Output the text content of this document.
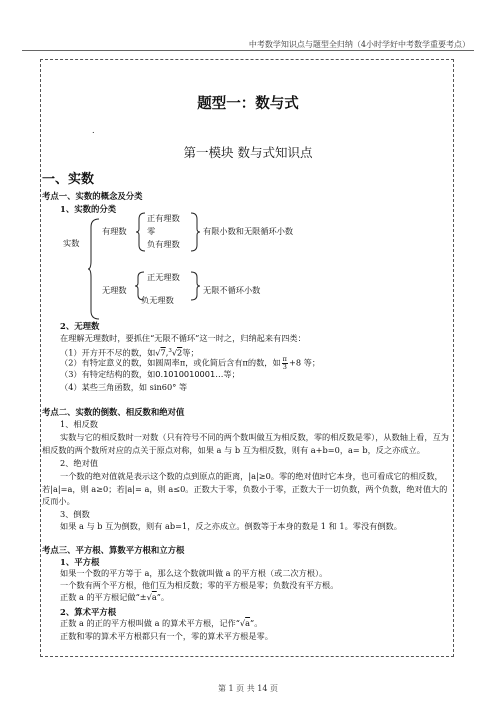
中考数学知识点与题型全归纳（4小时学好中考数学重要考点）
题型一：数与式
.
第一模块 数与式知识点
一、实数
考点一、实数的概念及分类
1、实数的分类
实数
有理数
正有理数
零
负有理数
有限小数和无限循环小数
无理数
正无理数
负无理数
无限不循环小数
2、无理数
在理解无理数时，要抓住“无限不循环”这一时之，归纳起来有四类：
（1）开方开不尽的数，如√7,$^3$√2等；
（2）有特定意义的数，如圆周率π，或化简后含有π的数，如 $\frac{\pi}{3} +8$ 等；
（3）有特定结构的数，如0.1010010001…等；
（4）某些三角函数，如 sin60° 等
考点二、实数的倒数、相反数和绝对值
1、相反数
实数与它的相反数时一对数（只有符号不同的两个数叫做互为相反数，零的相反数是零），从数轴上看，互为相反数的两个数所对应的点关于原点对称，如果 a 与 b 互为相反数，则有 a+b=0，a= b，反之亦成立。
2、绝对值
一个数的绝对值就是表示这个数的点到原点的距离，|a|≥0。零的绝对值时它本身，也可看成它的相反数，若|a|=a，则 a≥0；若|a|= a，则 a≤0。正数大于零，负数小于零，正数大于一切负数，两个负数，绝对值大的反而小。
3、倒数
如果 a 与 b 互为倒数，则有 ab=1，反之亦成立。倒数等于本身的数是 1 和 1。零没有倒数。
考点三、平方根、算数平方根和立方根
1、平方根
如果一个数的平方等于 a，那么这个数就叫做 a 的平方根（或二次方根）。
一个数有两个平方根，他们互为相反数；零的平方根是零；负数没有平方根。
正数 a 的平方根记做“±√a”。
2、算术平方根
正数 a 的正的平方根叫做 a 的算术平方根，记作“√a”。
正数和零的算术平方根都只有一个，零的算术平方根是零。
第 1 页 共 14 页
